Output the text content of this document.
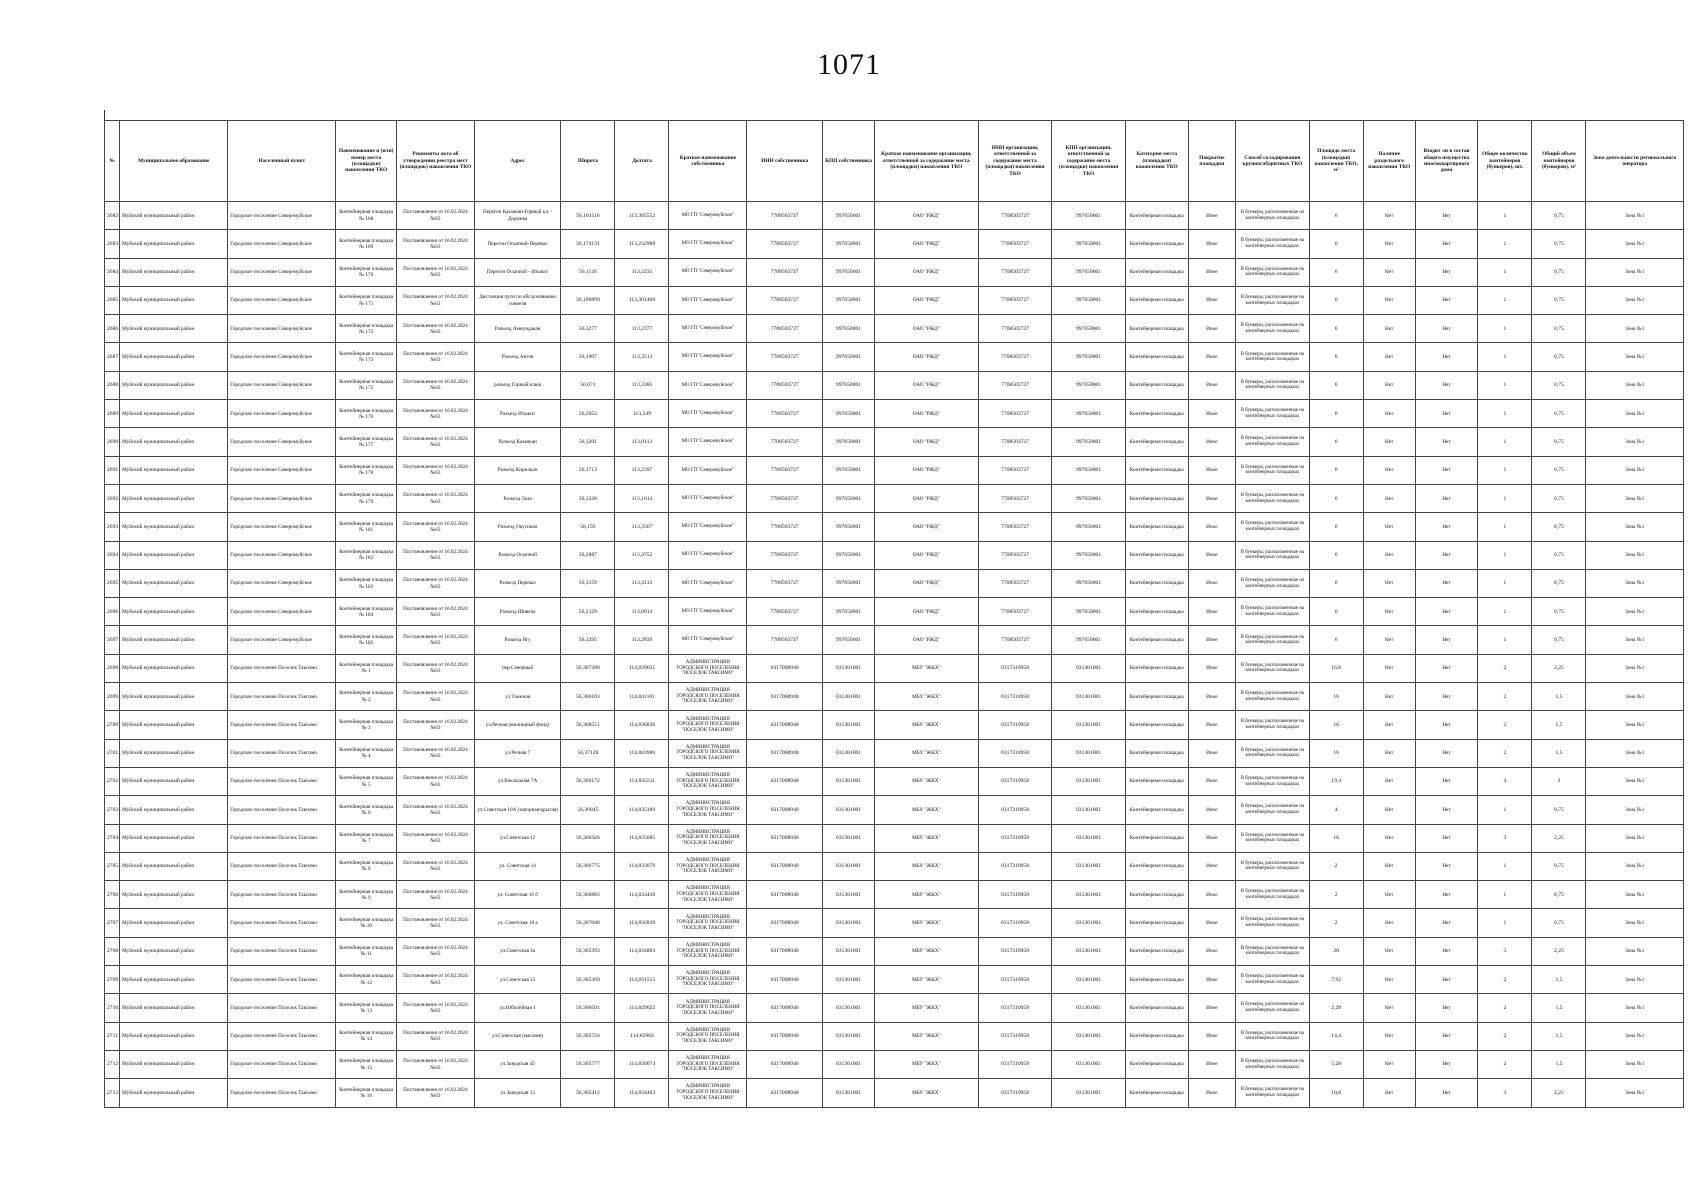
1071
№	Муниципальное образование	Населенный пункт	Наименование и (или) номер места (площадки) накопления ТКО	Реквизиты акта об утверждении реестра мест (площадок) накопления ТКО	Адрес	Широта	Долгота	Краткое наименование собственника	ИНН собственника	КПП собственника	Краткое наименование организации, ответственной за содержание места (площадки) накопления ТКО	ИНН организации, ответственной за содержание места (площадки) накопления ТКО	КПП организации, ответственной за содержание места (площадки) накопления ТКО	Категория места (площадки) накопления ТКО	Покрытие площадки	Способ складирования крупногабаритных ТКО	Площадь места (площадки) накопления ТКО, м²	Наличие раздельного накопления ТКО	Входит ли в состав общего имущества многоквартирного дома	Общее количество контейнеров (бункеров), шт.	Общий объем контейнеров (бункеров), м³	Зона деятельности регионального оператора
2682	Муйский муниципальный район	Городское поселение Северомуйское	Контейнерная площадка № 168	Постановление от 16.02.2024 №63	Перегон Казанкан-Горный кл. - Дорожка	56,103116	113,305552	МО ГП "Северомуйское"	7708503727	997650001	ОАО "РЖД"	7708503727	997650001	Контейнерная площадка	Иное	В бункеры, расположенные на контейнерных площадках	6	Нет	Нет	1	0,75	Зона №1
2683	Муйский муниципальный район	Городское поселение Северомуйское	Контейнерная площадка № 169	Постановление от 16.02.2024 №63	Перегон Осыпной-Перевал	56,174131	113,232988	МО ГП "Северомуйское"	7708503727	997650001	ОАО "РЖД"	7708503727	997650001	Контейнерная площадка	Иное	В бункеры, расположенные на контейнерных площадках	6	Нет	Нет	1	0,75	Зона №1
2684	Муйский муниципальный район	Городское поселение Северомуйское	Контейнерная площадка № 170	Постановление от 16.02.2024 №63	Перегон Осыпной - Итыкит	56,1136	113,3235	МО ГП "Северомуйское"	7708503727	997650001	ОАО "РЖД"	7708503727	997650001	Контейнерная площадка	Иное	В бункеры, расположенные на контейнерных площадках	6	Нет	Нет	1	0,75	Зона №1
2685	Муйский муниципальный район	Городское поселение Северомуйское	Контейнерная площадка № 171	Постановление от 16.02.2024 №63	Дистанция пути по обслуживанию тоннеля	56,196899	113,301468	МО ГП "Северомуйское"	7708503727	997650001	ОАО "РЖД"	7708503727	997650001	Контейнерная площадка	Иное	В бункеры, расположенные на контейнерных площадках	6	Нет	Нет	1	0,75	Зона №1
2686	Муйский муниципальный район	Городское поселение Северомуйское	Контейнерная площадка № 172	Постановление от 16.02.2024 №63	Разъезд Амнундакан	56,3277	113,2377	МО ГП "Северомуйское"	7708503727	997650001	ОАО "РЖД"	7708503727	997650001	Контейнерная площадка	Иное	В бункеры, расположенные на контейнерных площадках	6	Нет	Нет	1	0,75	Зона №1
2687	Муйский муниципальный район	Городское поселение Северомуйское	Контейнерная площадка № 173	Постановление от 16.02.2024 №63	Разъезд Ангоя	56,1907	113,3513	МО ГП "Северомуйское"	7708503727	997650001	ОАО "РЖД"	7708503727	997650001	Контейнерная площадка	Иное	В бункеры, расположенные на контейнерных площадках	6	Нет	Нет	1	0,75	Зона №1
2688	Муйский муниципальный район	Городское поселение Северомуйское	Контейнерная площадка № 175	Постановление от 16.02.2024 №63	разъезд Горный ключ	56,071	113,3385	МО ГП "Северомуйское"	7708503727	997650001	ОАО "РЖД"	7708503727	997650001	Контейнерная площадка	Иное	В бункеры, расположенные на контейнерных площадках	6	Нет	Нет	1	0,75	Зона №1
2689	Муйский муниципальный район	Городское поселение Северомуйское	Контейнерная площадка № 176	Постановление от 16.02.2024 №63	Разъезд Итыкит	56,2653	113,349	МО ГП "Северомуйское"	7708503727	997650001	ОАО "РЖД"	7708503727	997650001	Контейнерная площадка	Иное	В бункеры, расположенные на контейнерных площадках	6	Нет	Нет	1	0,75	Зона №1
2690	Муйский муниципальный район	Городское поселение Северомуйское	Контейнерная площадка № 177	Постановление от 16.02.2024 №63	Разъезд Казанкан	56,3201	113,0113	МО ГП "Северомуйское"	7708503727	997650001	ОАО "РЖД"	7708503727	997650001	Контейнерная площадка	Иное	В бункеры, расположенные на контейнерных площадках	6	Нет	Нет	1	0,75	Зона №1
2691	Муйский муниципальный район	Городское поселение Северомуйское	Контейнерная площадка № 178	Постановление от 16.02.2024 №63	Разъезд Кирилкан	56,1713	113,2397	МО ГП "Северомуйское"	7708503727	997650001	ОАО "РЖД"	7708503727	997650001	Контейнерная площадка	Иное	В бункеры, расположенные на контейнерных площадках	6	Нет	Нет	1	0,75	Зона №1
2692	Муйский муниципальный район	Городское поселение Северомуйское	Контейнерная площадка № 179	Постановление от 16.02.2024 №63	Разъезд Лазо	56,3328	113,1614	МО ГП "Северомуйское"	7708503727	997650001	ОАО "РЖД"	7708503727	997650001	Контейнерная площадка	Иное	В бункеры, расположенные на контейнерных площадках	6	Нет	Нет	1	0,75	Зона №1
2693	Муйский муниципальный район	Городское поселение Северомуйское	Контейнерная площадка № 181	Постановление от 16.02.2024 №63	Разъезд Окусикан	56,193	113,3567	МО ГП "Северомуйское"	7708503727	997650001	ОАО "РЖД"	7708503727	997650001	Контейнерная площадка	Иное	В бункеры, расположенные на контейнерных площадках	6	Нет	Нет	1	0,75	Зона №1
2694	Муйский муниципальный район	Городское поселение Северомуйское	Контейнерная площадка № 182	Постановление от 16.02.2024 №63	Разъезд Осыпной	56,2887	113,3752	МО ГП "Северомуйское"	7708503727	997650001	ОАО "РЖД"	7708503727	997650001	Контейнерная площадка	Иное	В бункеры, расположенные на контейнерных площадках	6	Нет	Нет	1	0,75	Зона №1
2695	Муйский муниципальный район	Городское поселение Северомуйское	Контейнерная площадка № 183	Постановление от 16.02.2024 №63	Разъезд Перевал	56,3159	113,4133	МО ГП "Северомуйское"	7708503727	997650001	ОАО "РЖД"	7708503727	997650001	Контейнерная площадка	Иное	В бункеры, расположенные на контейнерных площадках	6	Нет	Нет	1	0,75	Зона №1
2696	Муйский муниципальный район	Городское поселение Северомуйское	Контейнерная площадка № 184	Постановление от 16.02.2024 №63	Разъезд Шивеча	56,2129	113,0914	МО ГП "Северомуйское"	7708503727	997650001	ОАО "РЖД"	7708503727	997650001	Контейнерная площадка	Иное	В бункеры, расположенные на контейнерных площадках	6	Нет	Нет	1	0,75	Зона №1
2697	Муйский муниципальный район	Городское поселение Северомуйское	Контейнерная площадка № 185	Постановление от 16.02.2024 №63	Разъезд Ягу	56,3295	113,2839	МО ГП "Северомуйское"	7708503727	997650001	ОАО "РЖД"	7708503727	997650001	Контейнерная площадка	Иное	В бункеры, расположенные на контейнерных площадках	6	Нет	Нет	1	0,75	Зона №1
2698	Муйский муниципальный район	Городское поселение Поселок Таксимо	Контейнерная площадка № 1	Постановление от 16.02.2024 №63	пер.Северный	56,367288	114,839621	АДМИНИСТРАЦИЯ ГОРОДСКОГО ПОСЕЛЕНИЯ "ПОСЕЛОК ТАКСИМО"	0317008940	031301001	МБУ "ЖКХ"	0317310958	031301001	Контейнерная площадка	Иное	В бункеры, расположенные на контейнерных площадках	16,8	Нет	Нет	2	2,25	Зона №1
2699	Муйский муниципальный район	Городское поселение Поселок Таксимо	Контейнерная площадка № 2	Постановление от 16.02.2024 №63	ул.Таежная	56,366103	114,841101	АДМИНИСТРАЦИЯ ГОРОДСКОГО ПОСЕЛЕНИЯ "ПОСЕЛОК ТАКСИМО"	0317008940	031301001	МБУ "ЖКХ"	0317310958	031301001	Контейнерная площадка	Иное	В бункеры, расположенные на контейнерных площадках	16	Нет	Нет	2	1,5	Зона №1
2700	Муйский муниципальный район	Городское поселение Поселок Таксимо	Контейнерная площадка № 3	Постановление от 16.02.2024 №63	ул.Речная (жилищный фонд)	56,368551	114,836830	АДМИНИСТРАЦИЯ ГОРОДСКОГО ПОСЕЛЕНИЯ "ПОСЕЛОК ТАКСИМО"	0317008940	031301001	МБУ "ЖКХ"	0317310958	031301001	Контейнерная площадка	Иное	В бункеры, расположенные на контейнерных площадках	16	Нет	Нет	2	1,5	Зона №1
2701	Муйский муниципальный район	Городское поселение Поселок Таксимо	Контейнерная площадка № 4	Постановление от 16.02.2024 №63	ул.Речная 7	56,37128	114,843986	АДМИНИСТРАЦИЯ ГОРОДСКОГО ПОСЕЛЕНИЯ "ПОСЕЛОК ТАКСИМО"	0317008940	031301001	МБУ "ЖКХ"	0317310958	031301001	Контейнерная площадка	Иное	В бункеры, расположенные на контейнерных площадках	16	Нет	Нет	2	1,5	Зона №1
2702	Муйский муниципальный район	Городское поселение Поселок Таксимо	Контейнерная площадка № 5	Постановление от 16.02.2024 №63	ул.Вокзальная 7А	56,369172	114,835511	АДМИНИСТРАЦИЯ ГОРОДСКОГО ПОСЕЛЕНИЯ "ПОСЕЛОК ТАКСИМО"	0317008940	031301001	МБУ "ЖКХ"	0317310958	031301001	Контейнерная площадка	Иное	В бункеры, расположенные на контейнерных площадках	19,4	Нет	Нет	4	3	Зона №1
2703	Муйский муниципальный район	Городское поселение Поселок Таксимо	Контейнерная площадка № 6	Постановление от 16.02.2024 №63	ул.Советская 10А (запорная/крытая)	56,36845	114,835189	АДМИНИСТРАЦИЯ ГОРОДСКОГО ПОСЕЛЕНИЯ "ПОСЕЛОК ТАКСИМО"	0317008940	031301001	МБУ "ЖКХ"	0317310958	031301001	Контейнерная площадка	Иное	В бункеры, расположенные на контейнерных площадках	4	Нет	Нет	1	0,75	Зона №1
2704	Муйский муниципальный район	Городское поселение Поселок Таксимо	Контейнерная площадка № 7	Постановление от 16.02.2024 №63	ул.Советская 12	56,366326	114,835685	АДМИНИСТРАЦИЯ ГОРОДСКОГО ПОСЕЛЕНИЯ "ПОСЕЛОК ТАКСИМО"	0317008940	031301001	МБУ "ЖКХ"	0317310958	031301001	Контейнерная площадка	Иное	В бункеры, расположенные на контейнерных площадках	16	Нет	Нет	3	2,25	Зона №1
2705	Муйский муниципальный район	Городское поселение Поселок Таксимо	Контейнерная площадка № 8	Постановление от 16.02.2024 №63	ул. Советская 14	56,366775	114,833679	АДМИНИСТРАЦИЯ ГОРОДСКОГО ПОСЕЛЕНИЯ "ПОСЕЛОК ТАКСИМО"	0317008940	031301001	МБУ "ЖКХ"	0317310958	031301001	Контейнерная площадка	Иное	В бункеры, расположенные на контейнерных площадках	2	Нет	Нет	1	0,75	Зона №1
2706	Муйский муниципальный район	Городское поселение Поселок Таксимо	Контейнерная площадка № 9	Постановление от 16.02.2024 №63	ул. Советская 16 б	56,366883	114,833438	АДМИНИСТРАЦИЯ ГОРОДСКОГО ПОСЕЛЕНИЯ "ПОСЕЛОК ТАКСИМО"	0317008940	031301001	МБУ "ЖКХ"	0317310958	031301001	Контейнерная площадка	Иное	В бункеры, расположенные на контейнерных площадках	2	Нет	Нет	1	0,75	Зона №1
2707	Муйский муниципальный район	Городское поселение Поселок Таксимо	Контейнерная площадка № 10	Постановление от 16.02.2024 №63	ул. Советская 18 а	56,367048	114,832839	АДМИНИСТРАЦИЯ ГОРОДСКОГО ПОСЕЛЕНИЯ "ПОСЕЛОК ТАКСИМО"	0317008940	031301001	МБУ "ЖКХ"	0317310958	031301001	Контейнерная площадка	Иное	В бункеры, расположенные на контейнерных площадках	2	Нет	Нет	1	0,75	Зона №1
2708	Муйский муниципальный район	Городское поселение Поселок Таксимо	Контейнерная площадка № 11	Постановление от 16.02.2024 №63	ул.Советская 2а	56,365393	114,834803	АДМИНИСТРАЦИЯ ГОРОДСКОГО ПОСЕЛЕНИЯ "ПОСЕЛОК ТАКСИМО"	0317008940	031301001	МБУ "ЖКХ"	0317310958	031301001	Контейнерная площадка	Иное	В бункеры, расположенные на контейнерных площадках	20	Нет	Нет	3	2,25	Зона №1
2709	Муйский муниципальный район	Городское поселение Поселок Таксимо	Контейнерная площадка № 12	Постановление от 16.02.2024 №63	ул.Советская 13	56,365369	114,831515	АДМИНИСТРАЦИЯ ГОРОДСКОГО ПОСЕЛЕНИЯ "ПОСЕЛОК ТАКСИМО"	0317008940	031301001	МБУ "ЖКХ"	0317310958	031301001	Контейнерная площадка	Иное	В бункеры, расположенные на контейнерных площадках	7,92	Нет	Нет	2	1,5	Зона №1
2710	Муйский муниципальный район	Городское поселение Поселок Таксимо	Контейнерная площадка № 13	Постановление от 16.02.2024 №63	ул.Юбилейная 1	56,366501	114,829622	АДМИНИСТРАЦИЯ ГОРОДСКОГО ПОСЕЛЕНИЯ "ПОСЕЛОК ТАКСИМО"	0317008940	031301001	МБУ "ЖКХ"	0317310958	031301001	Контейнерная площадка	Иное	В бункеры, расположенные на контейнерных площадках	2,29	Нет	Нет	2	1,5	Зона №1
2711	Муйский муниципальный район	Городское поселение Поселок Таксимо	Контейнерная площадка № 14	Постановление от 16.02.2024 №63	ул.Советская (магазин)	56,365724	114,82963	АДМИНИСТРАЦИЯ ГОРОДСКОГО ПОСЕЛЕНИЯ "ПОСЕЛОК ТАКСИМО"	0317008940	031301001	МБУ "ЖКХ"	0317310958	031301001	Контейнерная площадка	Иное	В бункеры, расположенные на контейнерных площадках	14,4	Нет	Нет	2	1,5	Зона №1
2712	Муйский муниципальный район	Городское поселение Поселок Таксимо	Контейнерная площадка № 15	Постановление от 16.02.2024 №63	ул.Заводская 45	56,365777	114,830074	АДМИНИСТРАЦИЯ ГОРОДСКОГО ПОСЕЛЕНИЯ "ПОСЕЛОК ТАКСИМО"	0317008940	031301001	МБУ "ЖКХ"	0317310958	031301001	Контейнерная площадка	Иное	В бункеры, расположенные на контейнерных площадках	5,28	Нет	Нет	2	1,5	Зона №1
2713	Муйский муниципальный район	Городское поселение Поселок Таксимо	Контейнерная площадка № 16	Постановление от 16.02.2024 №63	ул.Заводская 13	56,365412	114,834403	АДМИНИСТРАЦИЯ ГОРОДСКОГО ПОСЕЛЕНИЯ "ПОСЕЛОК ТАКСИМО"	0317008940	031301001	МБУ "ЖКХ"	0317310958	031301001	Контейнерная площадка	Иное	В бункеры, расположенные на контейнерных площадках	10,8	Нет	Нет	3	2,25	Зона №1
